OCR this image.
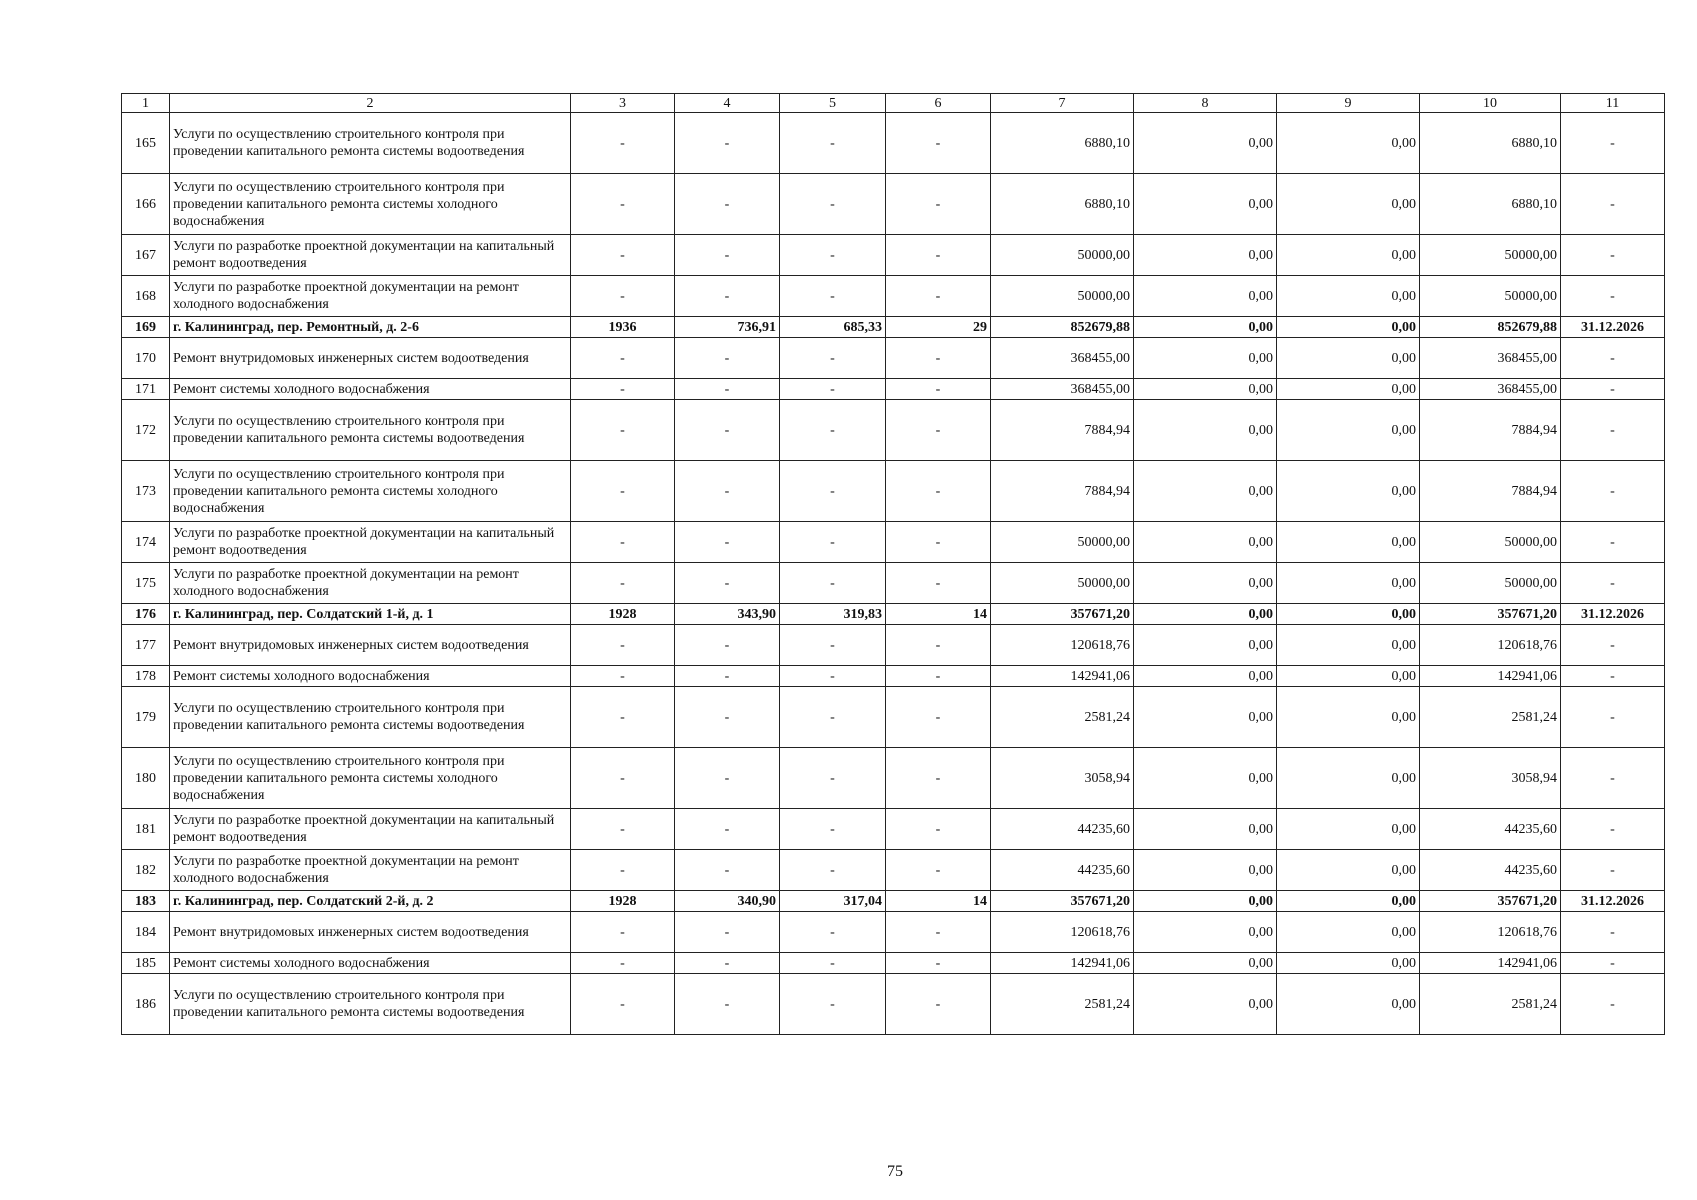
1	2	3	4	5	6	7	8	9	10	11
165	Услуги по осуществлению строительного контроля при проведении капитального ремонта системы водоотведения	-	-	-	-	6880,10	0,00	0,00	6880,10	-
166	Услуги по осуществлению строительного контроля при проведении капитального ремонта системы холодного водоснабжения	-	-	-	-	6880,10	0,00	0,00	6880,10	-
167	Услуги по разработке проектной документации на капитальный ремонт водоотведения	-	-	-	-	50000,00	0,00	0,00	50000,00	-
168	Услуги по разработке проектной документации на ремонт холодного водоснабжения	-	-	-	-	50000,00	0,00	0,00	50000,00	-
169	г. Калининград, пер. Ремонтный, д. 2-6	1936	736,91	685,33	29	852679,88	0,00	0,00	852679,88	31.12.2026
170	Ремонт внутридомовых инженерных систем водоотведения	-	-	-	-	368455,00	0,00	0,00	368455,00	-
171	Ремонт системы холодного водоснабжения	-	-	-	-	368455,00	0,00	0,00	368455,00	-
172	Услуги по осуществлению строительного контроля при проведении капитального ремонта системы водоотведения	-	-	-	-	7884,94	0,00	0,00	7884,94	-
173	Услуги по осуществлению строительного контроля при проведении капитального ремонта системы холодного водоснабжения	-	-	-	-	7884,94	0,00	0,00	7884,94	-
174	Услуги по разработке проектной документации на капитальный ремонт водоотведения	-	-	-	-	50000,00	0,00	0,00	50000,00	-
175	Услуги по разработке проектной документации на ремонт холодного водоснабжения	-	-	-	-	50000,00	0,00	0,00	50000,00	-
176	г. Калининград, пер. Солдатский 1-й, д. 1	1928	343,90	319,83	14	357671,20	0,00	0,00	357671,20	31.12.2026
177	Ремонт внутридомовых инженерных систем водоотведения	-	-	-	-	120618,76	0,00	0,00	120618,76	-
178	Ремонт системы холодного водоснабжения	-	-	-	-	142941,06	0,00	0,00	142941,06	-
179	Услуги по осуществлению строительного контроля при проведении капитального ремонта системы водоотведения	-	-	-	-	2581,24	0,00	0,00	2581,24	-
180	Услуги по осуществлению строительного контроля при проведении капитального ремонта системы холодного водоснабжения	-	-	-	-	3058,94	0,00	0,00	3058,94	-
181	Услуги по разработке проектной документации на капитальный ремонт водоотведения	-	-	-	-	44235,60	0,00	0,00	44235,60	-
182	Услуги по разработке проектной документации на ремонт холодного водоснабжения	-	-	-	-	44235,60	0,00	0,00	44235,60	-
183	г. Калининград, пер. Солдатский 2-й, д. 2	1928	340,90	317,04	14	357671,20	0,00	0,00	357671,20	31.12.2026
184	Ремонт внутридомовых инженерных систем водоотведения	-	-	-	-	120618,76	0,00	0,00	120618,76	-
185	Ремонт системы холодного водоснабжения	-	-	-	-	142941,06	0,00	0,00	142941,06	-
186	Услуги по осуществлению строительного контроля при проведении капитального ремонта системы водоотведения	-	-	-	-	2581,24	0,00	0,00	2581,24	-
75
